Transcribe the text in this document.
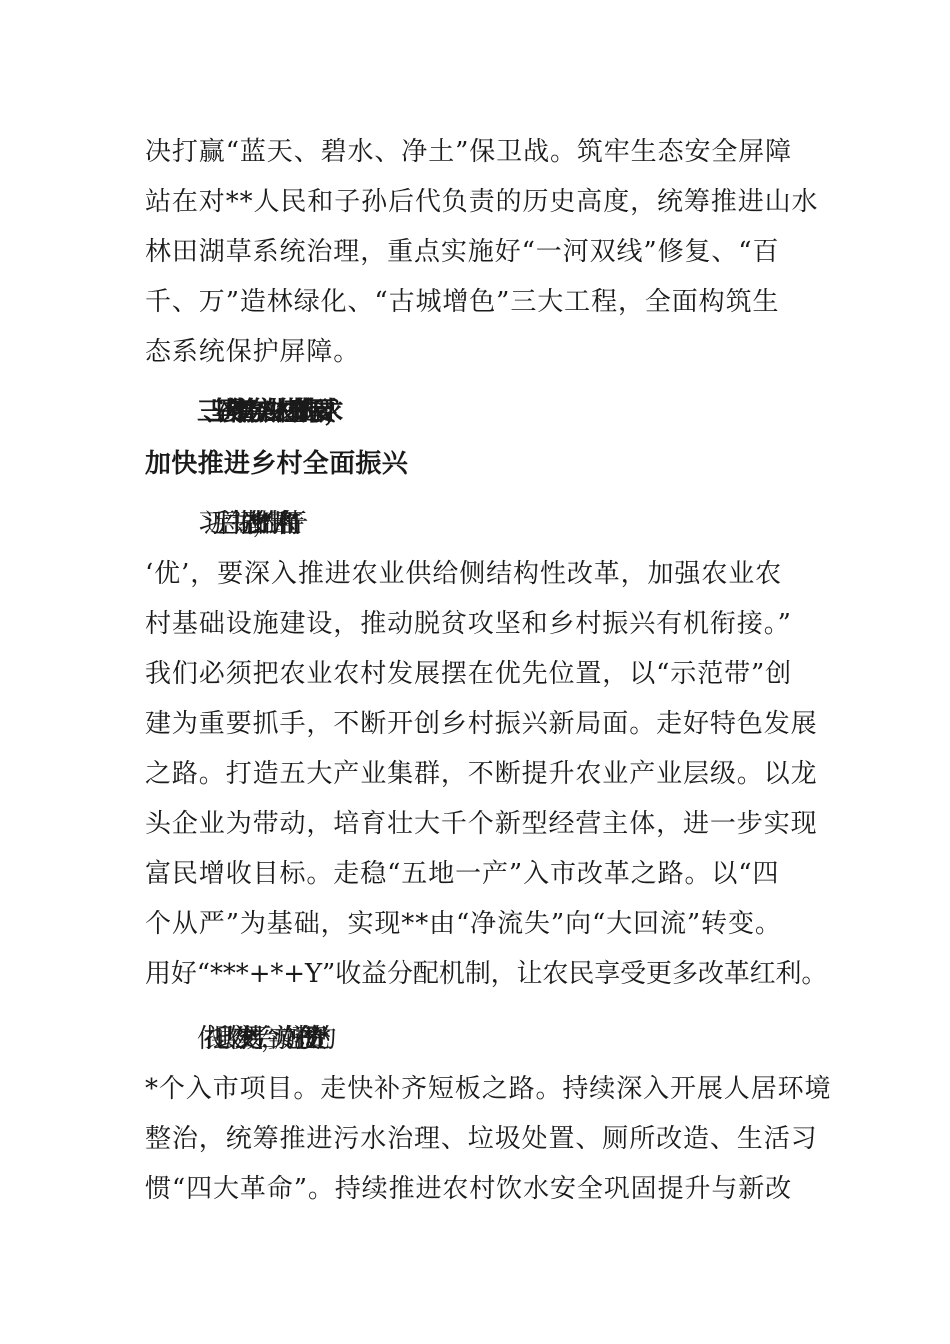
决打赢“蓝天、碧水、净土”保卫战。筑牢生态安全屏障
站在对**人民和子孙后代负责的历史高度，统筹推进山水
林田湖草系统治理，重点实施好“一河双线”修复、“百
千、万”造林绿化、“古城增色”三大工程，全面构筑生
态系统保护屏障。
三、坚决贯彻“着力夯实农业农村基础”的指示要求，
加快推进乡村全面振兴
习近平总书记指出，“**农业的出路在于‘特’和
‘优’，要深入推进农业供给侧结构性改革，加强农业农
村基础设施建设，推动脱贫攻坚和乡村振兴有机衔接。”
我们必须把农业农村发展摆在优先位置，以“示范带”创
建为重要抓手，不断开创乡村振兴新局面。走好特色发展
之路。打造五大产业集群，不断提升农业产业层级。以龙
头企业为带动，培育壮大千个新型经营主体，进一步实现
富民增收目标。走稳“五地一产”入市改革之路。以“四
个从严”为基础，实现**由“净流失”向“大回流”转变。
用好“***+*+Y”收益分配机制，让农民享受更多改革红利。
依托县政府公共**交易平台，实施好总投资**亿元的*
*个入市项目。走快补齐短板之路。持续深入开展人居环境
整治，统筹推进污水治理、垃圾处置、厕所改造、生活习
惯“四大革命”。持续推进农村饮水安全巩固提升与新改
